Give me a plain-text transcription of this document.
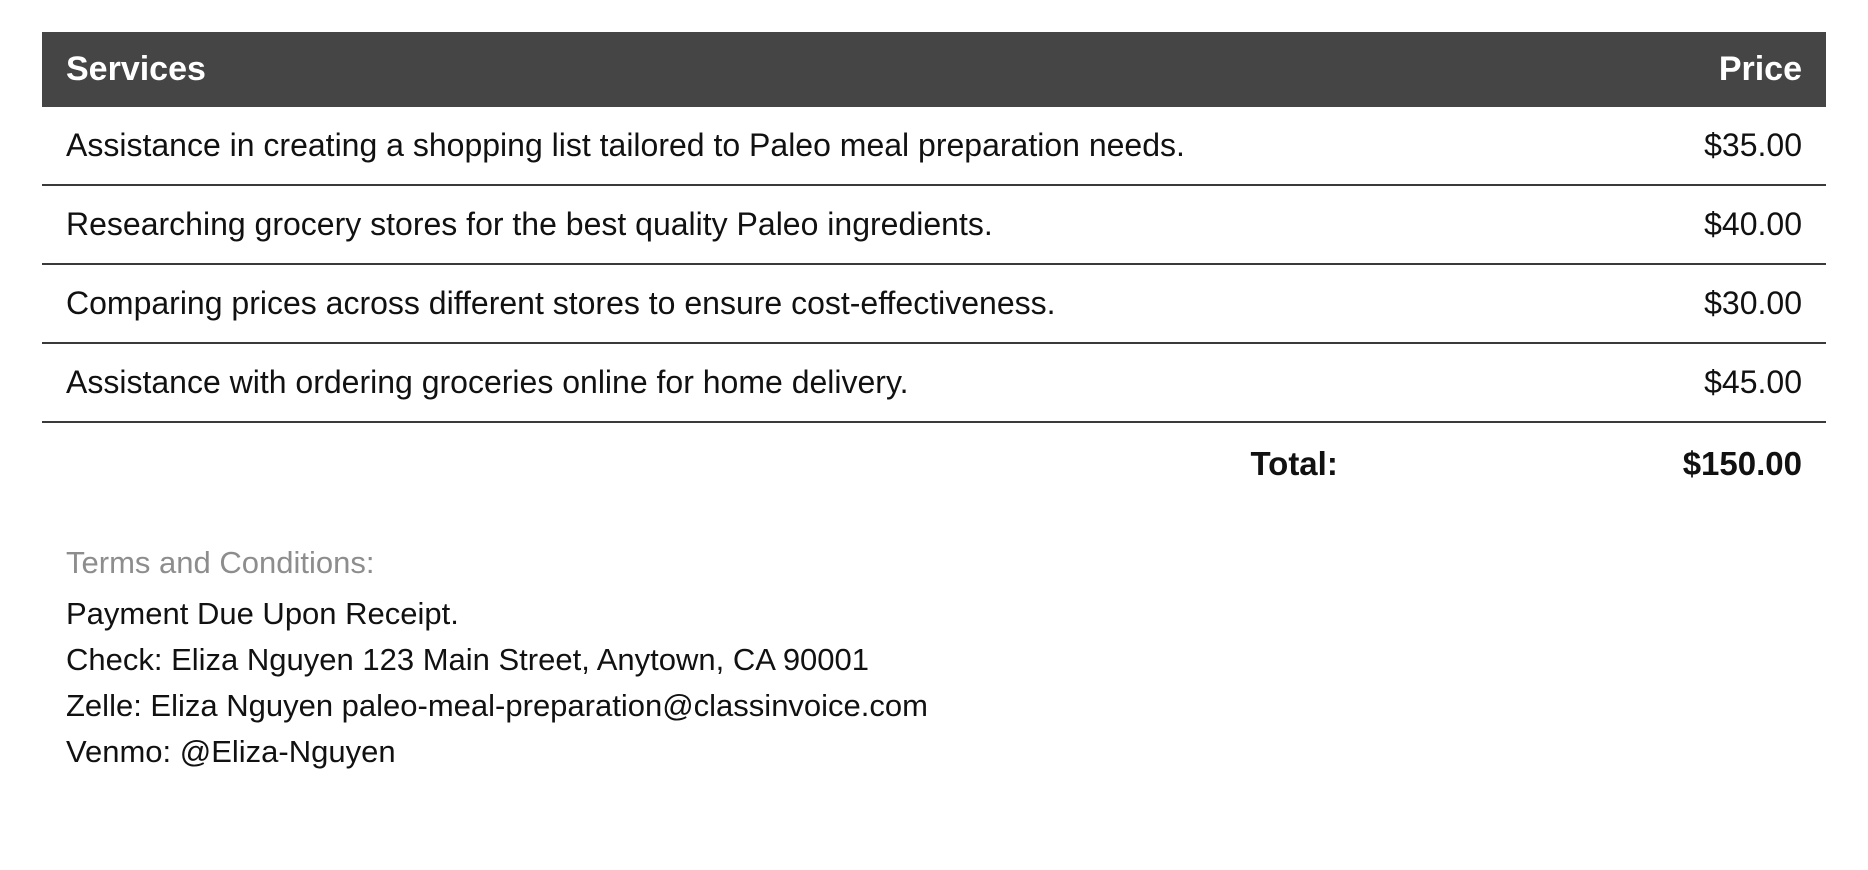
Services	Price
Assistance in creating a shopping list tailored to Paleo meal preparation needs.	$35.00
Researching grocery stores for the best quality Paleo ingredients.	$40.00
Comparing prices across different stores to ensure cost-effectiveness.	$30.00
Assistance with ordering groceries online for home delivery.	$45.00
Total:	$150.00
Terms and Conditions:
Payment Due Upon Receipt.
Check: Eliza Nguyen 123 Main Street, Anytown, CA 90001
Zelle: Eliza Nguyen paleo-meal-preparation@classinvoice.com
Venmo: @Eliza-Nguyen
